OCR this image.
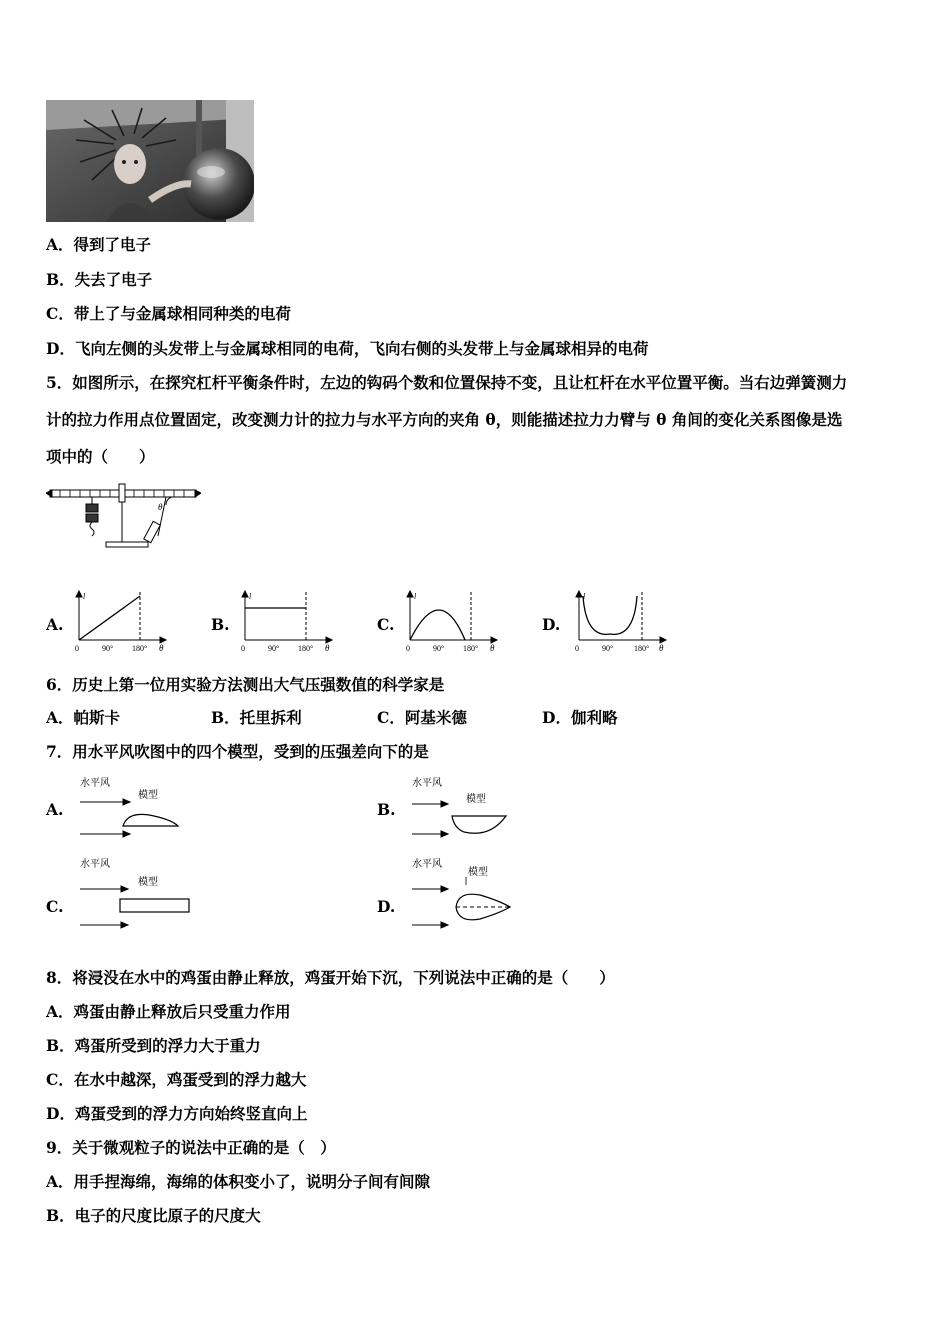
A．得到了电子
B．失去了电子
C．带上了与金属球相同种类的电荷
D．飞向左侧的头发带上与金属球相同的电荷，飞向右侧的头发带上与金属球相异的电荷
5．如图所示，在探究杠杆平衡条件时，左边的钩码个数和位置保持不变，且让杠杆在水平位置平衡。当右边弹簧测力
计的拉力作用点位置固定，改变测力计的拉力与水平方向的夹角 θ，则能描述拉力力臂与 θ 角间的变化关系图像是选
项中的（　　）
θ
A.	B.	C.	D.
l
0	90° 180° θ
l
0	90° 180° θ
l
0	90° 180° θ
l
0	90°	180° θ
6．历史上第一位用实验方法测出大气压强数值的科学家是
A．帕斯卡	B．托里拆利	C．阿基米德	D．伽利略
7．用水平风吹图中的四个模型，受到的压强差向下的是
A.
水平风
模型
B.
水平风
模型
C.
水平风
模型
D.
水平风
模型
8．将浸没在水中的鸡蛋由静止释放，鸡蛋开始下沉，下列说法中正确的是（　　）
A．鸡蛋由静止释放后只受重力作用
B．鸡蛋所受到的浮力大于重力
C．在水中越深，鸡蛋受到的浮力越大
D．鸡蛋受到的浮力方向始终竖直向上
9．关于微观粒子的说法中正确的是（　）
A．用手捏海绵，海绵的体积变小了，说明分子间有间隙
B．电子的尺度比原子的尺度大
